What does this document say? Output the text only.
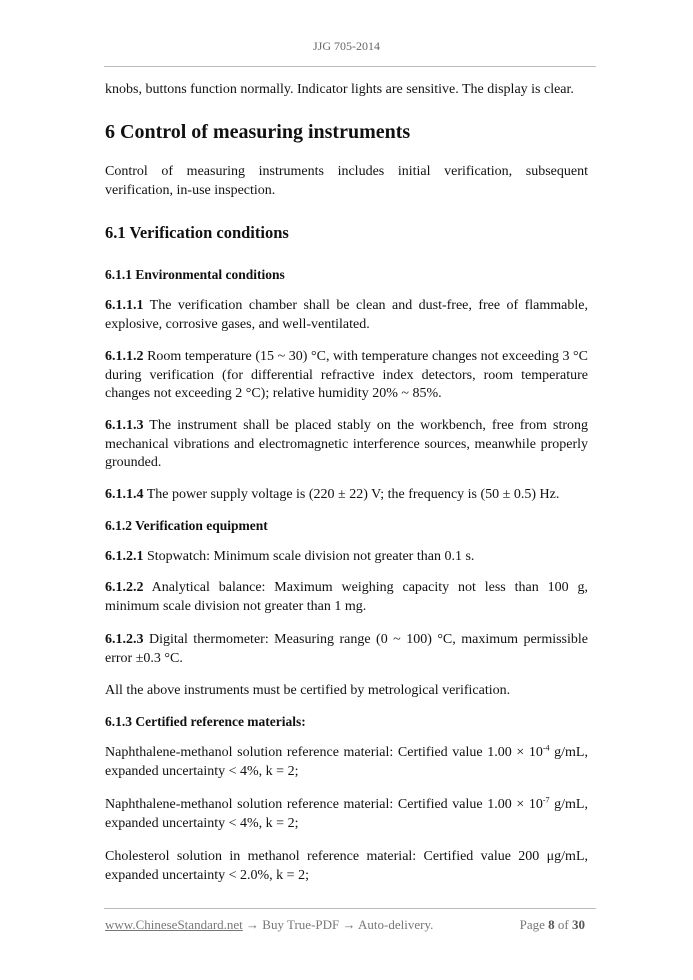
JJG 705-2014
knobs, buttons function normally. Indicator lights are sensitive. The display is clear.
6 Control of measuring instruments
Control of measuring instruments includes initial verification, subsequent verification, in-use inspection.
6.1 Verification conditions
6.1.1 Environmental conditions
6.1.1.1 The verification chamber shall be clean and dust-free, free of flammable, explosive, corrosive gases, and well-ventilated.
6.1.1.2 Room temperature (15 ~ 30) °C, with temperature changes not exceeding 3 °C during verification (for differential refractive index detectors, room temperature changes not exceeding 2 °C); relative humidity 20% ~ 85%.
6.1.1.3 The instrument shall be placed stably on the workbench, free from strong mechanical vibrations and electromagnetic interference sources, meanwhile properly grounded.
6.1.1.4 The power supply voltage is (220 ± 22) V; the frequency is (50 ± 0.5) Hz.
6.1.2 Verification equipment
6.1.2.1 Stopwatch: Minimum scale division not greater than 0.1 s.
6.1.2.2 Analytical balance: Maximum weighing capacity not less than 100 g, minimum scale division not greater than 1 mg.
6.1.2.3 Digital thermometer: Measuring range (0 ~ 100) °C, maximum permissible error ±0.3 °C.
All the above instruments must be certified by metrological verification.
6.1.3 Certified reference materials:
Naphthalene-methanol solution reference material: Certified value $1.00 \times 10^{-4}$ g/mL, expanded uncertainty < 4%, k = 2;
Naphthalene-methanol solution reference material: Certified value $1.00 \times 10^{-7}$ g/mL, expanded uncertainty < 4%, k = 2;
Cholesterol solution in methanol reference material: Certified value 200 μg/mL, expanded uncertainty < 2.0%, k = 2;
www.ChineseStandard.net → Buy True-PDF → Auto-delivery.	Page 8 of 30
